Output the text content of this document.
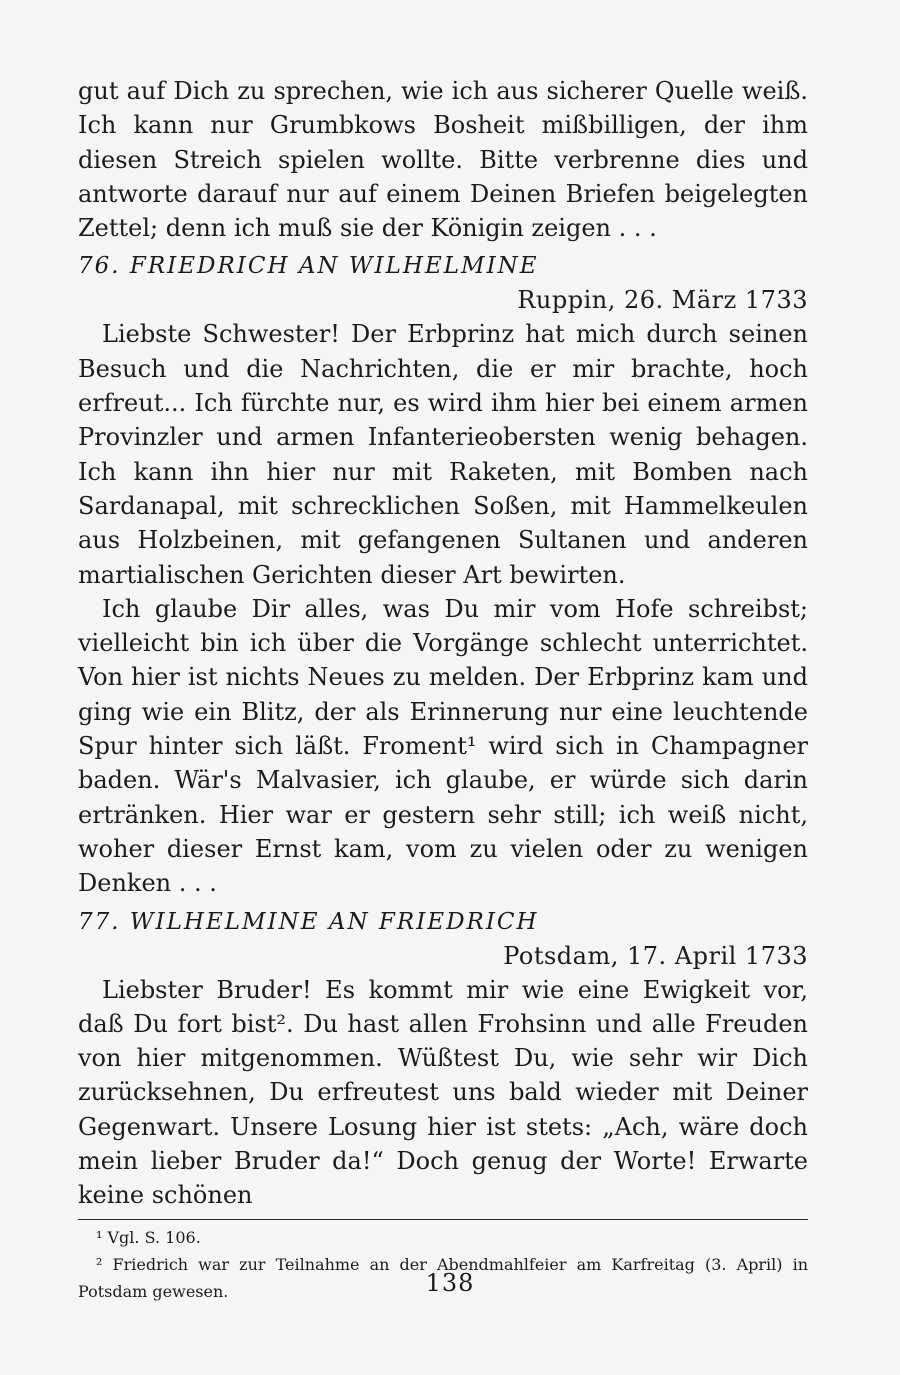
gut auf Dich zu sprechen, wie ich aus sicherer Quelle weiß. Ich kann nur Grumbkows Bosheit mißbilligen, der ihm diesen Streich spielen wollte. Bitte verbrenne dies und antworte darauf nur auf einem Deinen Briefen beigelegten Zettel; denn ich muß sie der Königin zeigen . . .

76. FRIEDRICH AN WILHELMINE

Ruppin, 26. März 1733

Liebste Schwester! Der Erbprinz hat mich durch seinen Besuch und die Nachrichten, die er mir brachte, hoch erfreut... Ich fürchte nur, es wird ihm hier bei einem armen Provinzler und armen Infanterieobersten wenig behagen. Ich kann ihn hier nur mit Raketen, mit Bomben nach Sardanapal, mit schrecklichen Soßen, mit Hammelkeulen aus Holzbeinen, mit gefangenen Sultanen und anderen martialischen Gerichten dieser Art bewirten.

Ich glaube Dir alles, was Du mir vom Hofe schreibst; vielleicht bin ich über die Vorgänge schlecht unterrichtet. Von hier ist nichts Neues zu melden. Der Erbprinz kam und ging wie ein Blitz, der als Erinnerung nur eine leuchtende Spur hinter sich läßt. Froment¹ wird sich in Champagner baden. Wär's Malvasier, ich glaube, er würde sich darin ertränken. Hier war er gestern sehr still; ich weiß nicht, woher dieser Ernst kam, vom zu vielen oder zu wenigen Denken . . .

77. WILHELMINE AN FRIEDRICH

Potsdam, 17. April 1733

Liebster Bruder! Es kommt mir wie eine Ewigkeit vor, daß Du fort bist². Du hast allen Frohsinn und alle Freuden von hier mitgenommen. Wüßtest Du, wie sehr wir Dich zurücksehnen, Du erfreutest uns bald wieder mit Deiner Gegenwart. Unsere Losung hier ist stets: „Ach, wäre doch mein lieber Bruder da!“ Doch genug der Worte! Erwarte keine schönen

¹ Vgl. S. 106.

² Friedrich war zur Teilnahme an der Abendmahlfeier am Karfreitag (3. April) in Potsdam gewesen.	138
